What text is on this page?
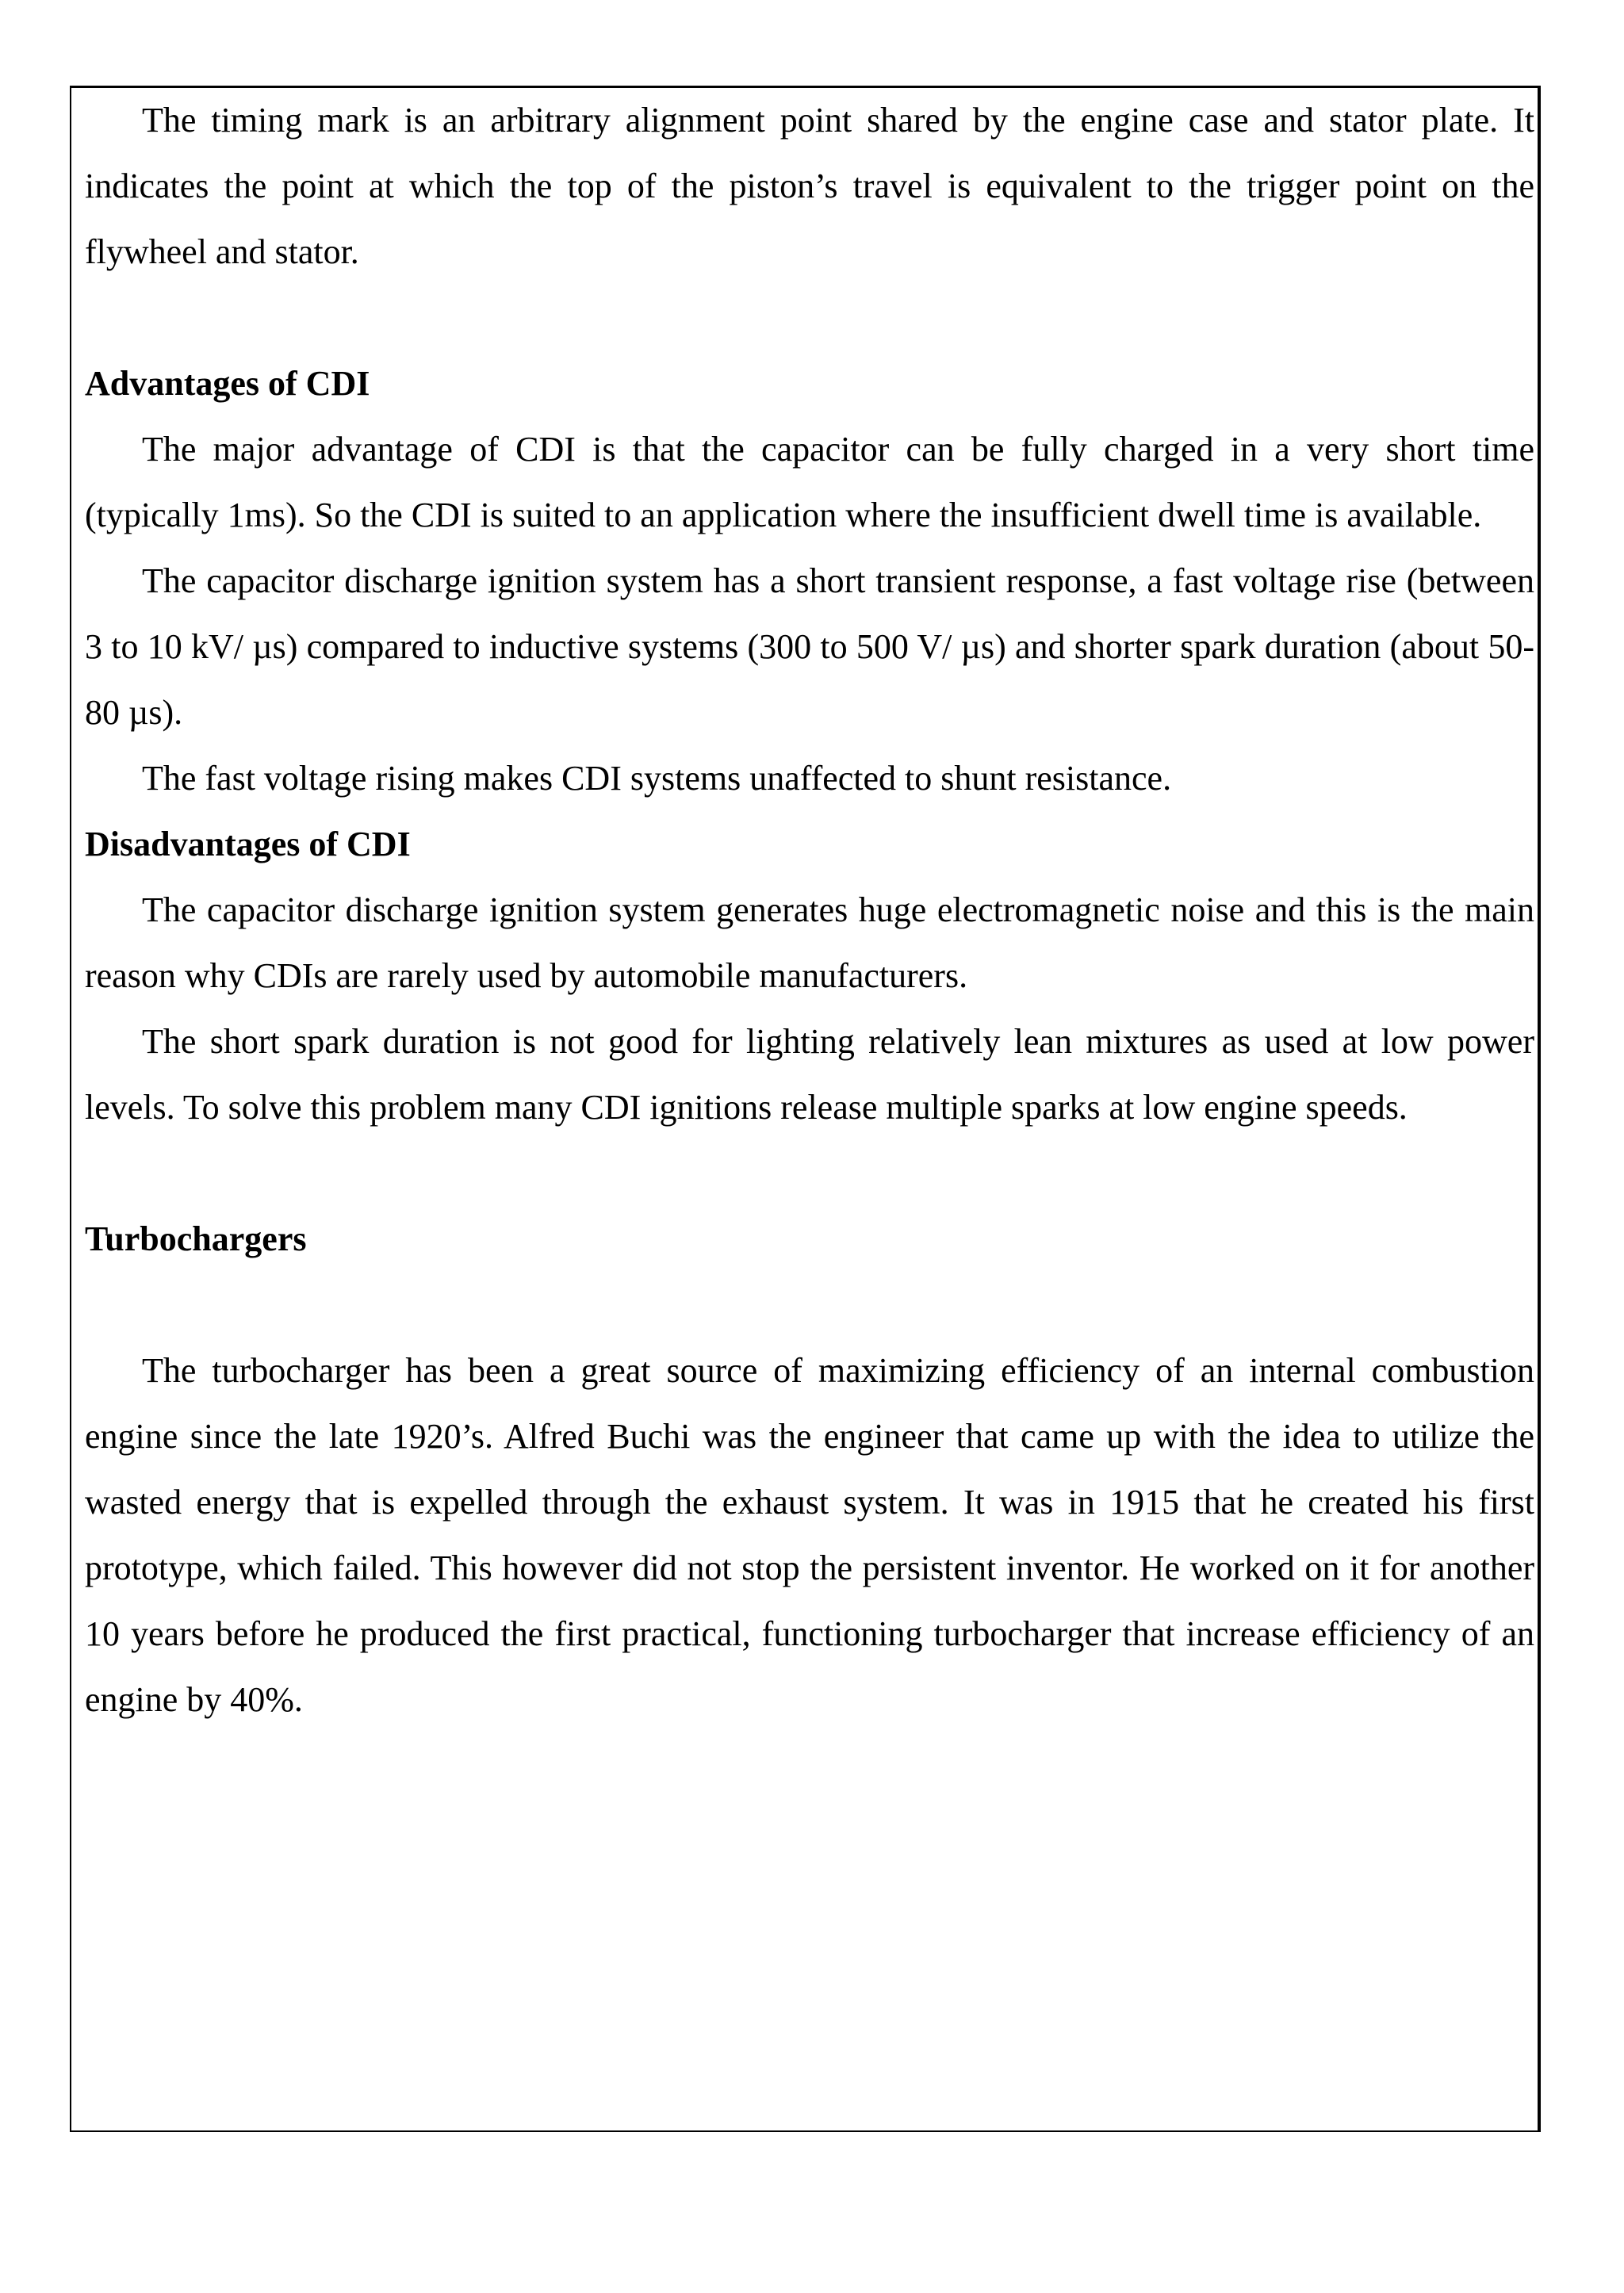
The timing mark is an arbitrary alignment point shared by the engine case and stator plate. It indicates the point at which the top of the piston’s travel is equivalent to the trigger point on the flywheel and stator.

Advantages of CDI

The major advantage of CDI is that the capacitor can be fully charged in a very short time (typically 1ms). So the CDI is suited to an application where the insufficient dwell time is available.

The capacitor discharge ignition system has a short transient response, a fast voltage rise (between 3 to 10 kV/ µs) compared to inductive systems (300 to 500 V/ µs) and shorter spark duration (about 50-80 µs).

The fast voltage rising makes CDI systems unaffected to shunt resistance.

Disadvantages of CDI

The capacitor discharge ignition system generates huge electromagnetic noise and this is the main reason why CDIs are rarely used by automobile manufacturers.

The short spark duration is not good for lighting relatively lean mixtures as used at low power levels. To solve this problem many CDI ignitions release multiple sparks at low engine speeds.

Turbochargers

The turbocharger has been a great source of maximizing efficiency of an internal combustion engine since the late 1920’s. Alfred Buchi was the engineer that came up with the idea to utilize the wasted energy that is expelled through the exhaust system. It was in 1915 that he created his first prototype, which failed. This however did not stop the persistent inventor. He worked on it for another 10 years before he produced the first practical, functioning turbocharger that increase efficiency of an engine by 40%.
